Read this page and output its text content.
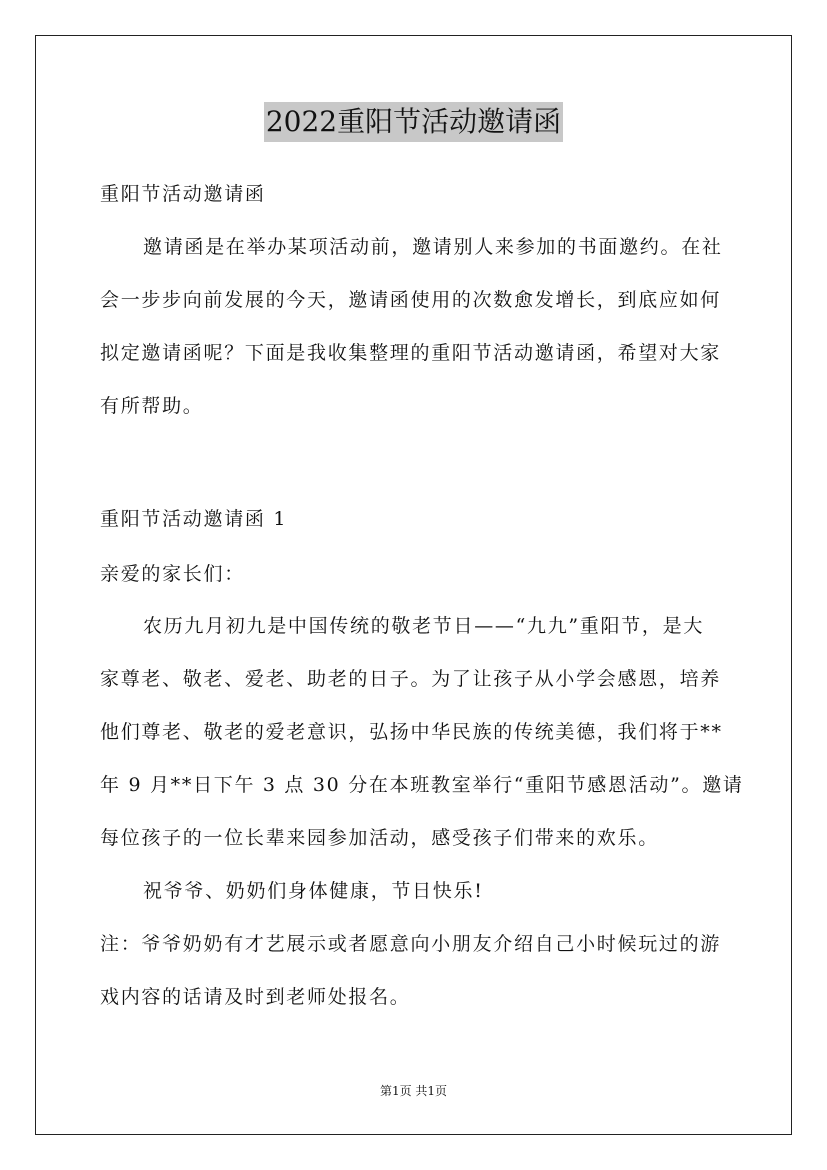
2022重阳节活动邀请函
重阳节活动邀请函
邀请函是在举办某项活动前，邀请别人来参加的书面邀约。在社
会一步步向前发展的今天，邀请函使用的次数愈发增长，到底应如何
拟定邀请函呢？下面是我收集整理的重阳节活动邀请函，希望对大家
有所帮助。
重阳节活动邀请函 1
亲爱的家长们：
农历九月初九是中国传统的敬老节日——“九九”重阳节，是大
家尊老、敬老、爱老、助老的日子。为了让孩子从小学会感恩，培养
他们尊老、敬老的爱老意识，弘扬中华民族的传统美德，我们将于**
年 9 月**日下午 3 点 30 分在本班教室举行“重阳节感恩活动”。邀请
每位孩子的一位长辈来园参加活动，感受孩子们带来的欢乐。
祝爷爷、奶奶们身体健康，节日快乐!
注：爷爷奶奶有才艺展示或者愿意向小朋友介绍自己小时候玩过的游
戏内容的话请及时到老师处报名。
第1页 共1页
